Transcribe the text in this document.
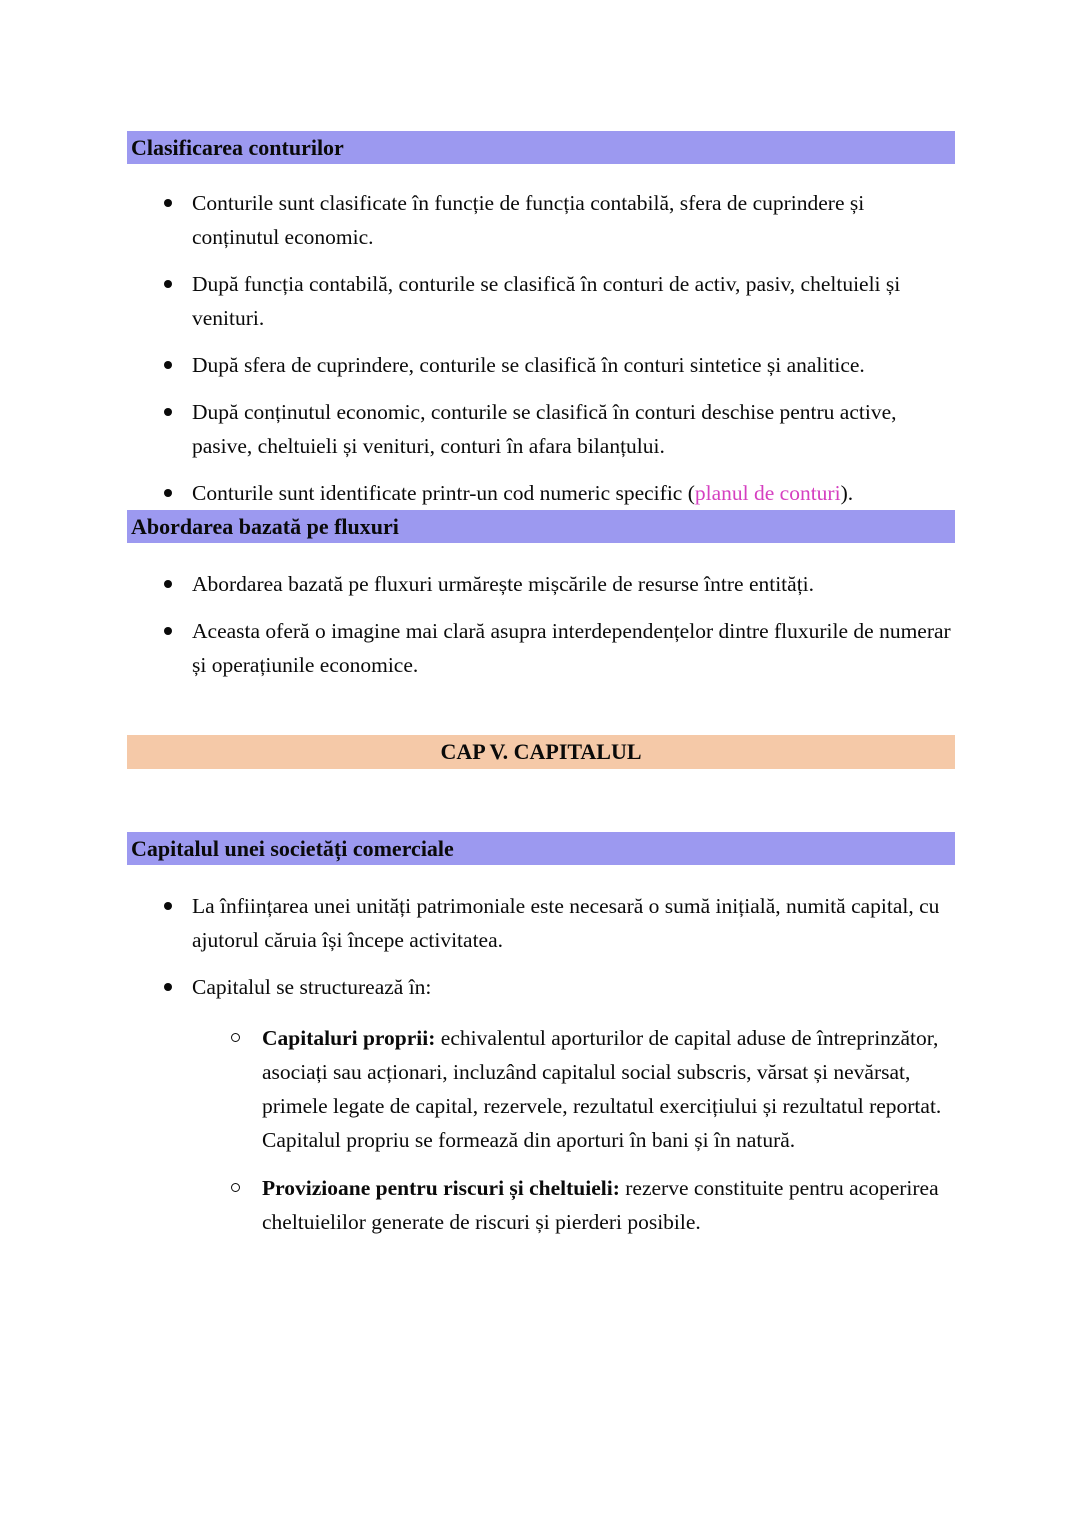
Clasificarea conturilor

Conturile sunt clasificate în funcție de funcția contabilă, sfera de cuprindere și conținutul economic.

După funcția contabilă, conturile se clasifică în conturi de activ, pasiv, cheltuieli și venituri.

După sfera de cuprindere, conturile se clasifică în conturi sintetice și analitice.

După conținutul economic, conturile se clasifică în conturi deschise pentru active, pasive, cheltuieli și venituri, conturi în afara bilanțului.

Conturile sunt identificate printr-un cod numeric specific (planul de conturi).

Abordarea bazată pe fluxuri

Abordarea bazată pe fluxuri urmărește mișcările de resurse între entități.

Aceasta oferă o imagine mai clară asupra interdependențelor dintre fluxurile de numerar și operațiunile economice.

CAP V. CAPITALUL
Capitalul unei societăți comerciale

La înființarea unei unități patrimoniale este necesară o sumă inițială, numită capital, cu ajutorul căruia își începe activitatea.

Capitalul se structurează în:

Capitaluri proprii: echivalentul aporturilor de capital aduse de întreprinzător, asociați sau acționari, incluzând capitalul social subscris, vărsat și nevărsat, primele legate de capital, rezervele, rezultatul exercițiului și rezultatul reportat. Capitalul propriu se formează din aporturi în bani și în natură.

Provizioane pentru riscuri și cheltuieli: rezerve constituite pentru acoperirea cheltuielilor generate de riscuri și pierderi posibile.
